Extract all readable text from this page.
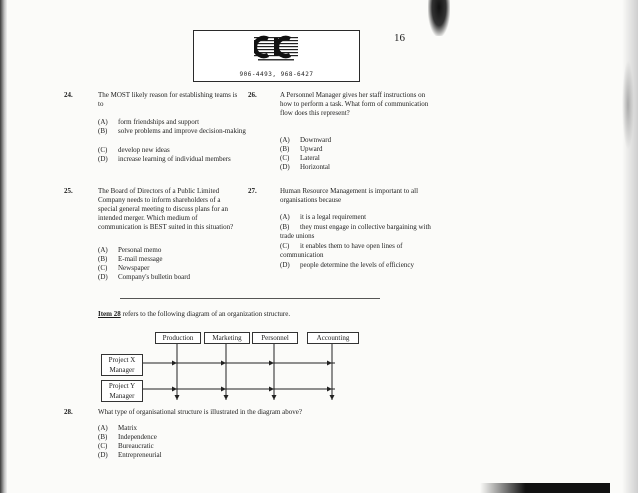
16
906-4493, 968-6427
24.	The MOST likely reason for establishing teams is to
(A) form friendships and support
(B) solve problems and improve decision-making
(C) develop new ideas
(D) increase learning of individual members
26.	A Personnel Manager gives her staff instructions on how to perform a task. What form of communication flow does this represent?
(A) Downward
(B) Upward
(C) Lateral
(D) Horizontal
25.	The Board of Directors of a Public Limited Company needs to inform shareholders of a special general meeting to discuss plans for an intended merger. Which medium of communication is BEST suited in this situation?
(A) Personal memo
(B) E-mail message
(C) Newspaper
(D) Company's bulletin board
27.	Human Resource Management is important to all organisations because
(A) it is a legal requirement
(B) they must engage in collective bargaining with trade unions
(C) it enables them to have open lines of communication
(D) people determine the levels of efficiency
Item 28 refers to the following diagram of an organization structure.
Production	Marketing	Personnel	Accounting
Project X
Manager
Project Y
Manager
28.	What type of organisational structure is illustrated in the diagram above?
(A) Matrix
(B) Independence
(C) Bureaucratic
(D) Entrepreneurial
